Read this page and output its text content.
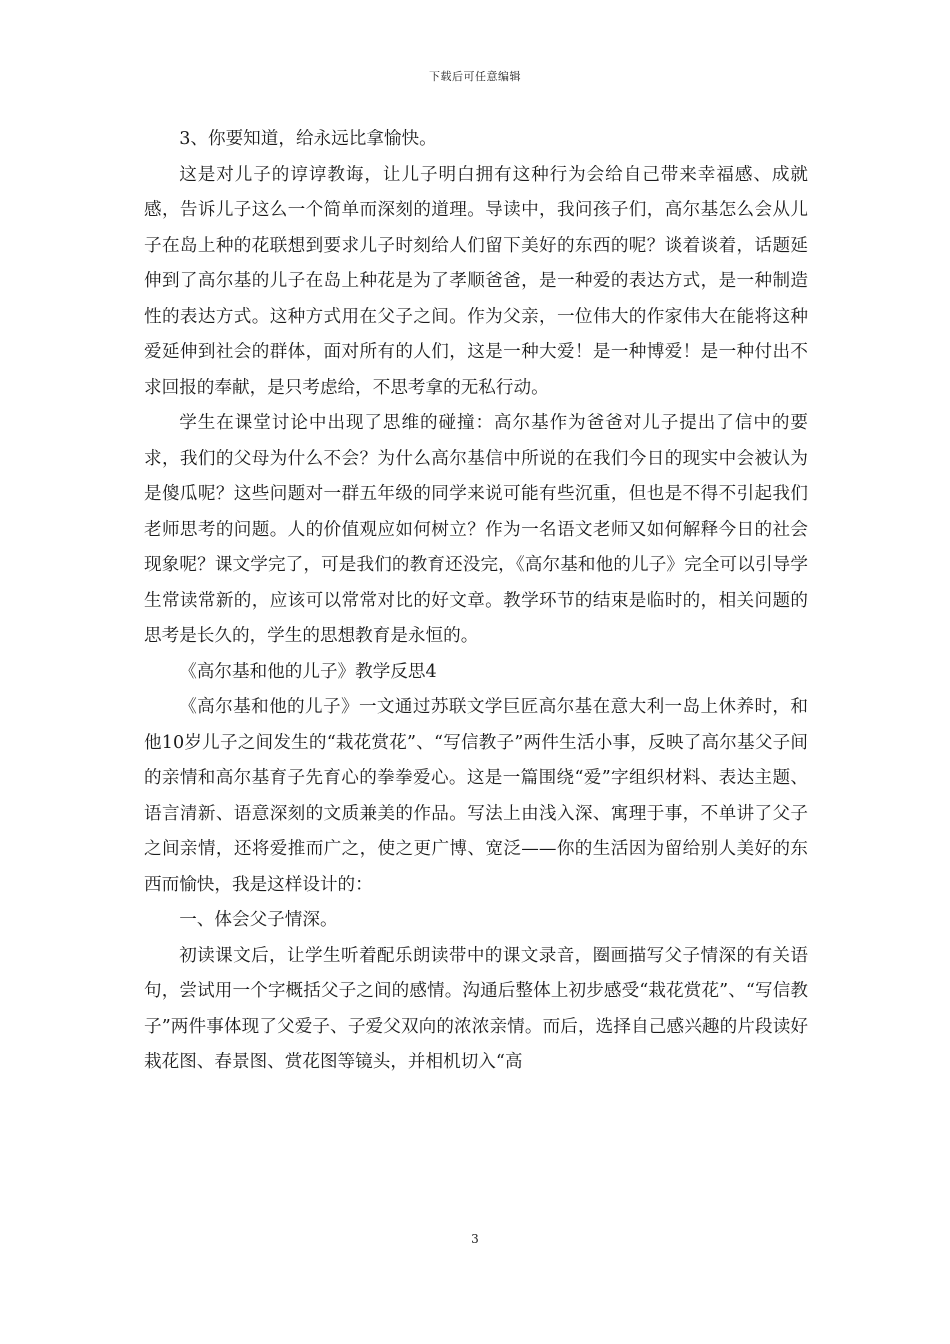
下载后可任意编辑

3、你要知道，给永远比拿愉快。

这是对儿子的谆谆教诲，让儿子明白拥有这种行为会给自己带来幸福感、成就感，告诉儿子这么一个简单而深刻的道理。导读中，我问孩子们，高尔基怎么会从儿子在岛上种的花联想到要求儿子时刻给人们留下美好的东西的呢？谈着谈着，话题延伸到了高尔基的儿子在岛上种花是为了孝顺爸爸，是一种爱的表达方式，是一种制造性的表达方式。这种方式用在父子之间。作为父亲，一位伟大的作家伟大在能将这种爱延伸到社会的群体，面对所有的人们，这是一种大爱！是一种博爱！是一种付出不求回报的奉献，是只考虑给，不思考拿的无私行动。

学生在课堂讨论中出现了思维的碰撞：高尔基作为爸爸对儿子提出了信中的要求，我们的父母为什么不会？为什么高尔基信中所说的在我们今日的现实中会被认为是傻瓜呢？这些问题对一群五年级的同学来说可能有些沉重，但也是不得不引起我们老师思考的问题。人的价值观应如何树立？作为一名语文老师又如何解释今日的社会现象呢？课文学完了，可是我们的教育还没完，《高尔基和他的儿子》完全可以引导学生常读常新的，应该可以常常对比的好文章。教学环节的结束是临时的，相关问题的思考是长久的，学生的思想教育是永恒的。

《高尔基和他的儿子》教学反思4

《高尔基和他的儿子》一文通过苏联文学巨匠高尔基在意大利一岛上休养时，和他10岁儿子之间发生的“栽花赏花”、“写信教子”两件生活小事，反映了高尔基父子间的亲情和高尔基育子先育心的拳拳爱心。这是一篇围绕“爱”字组织材料、表达主题、语言清新、语意深刻的文质兼美的作品。写法上由浅入深、寓理于事，不单讲了父子之间亲情，还将爱推而广之，使之更广博、宽泛——你的生活因为留给别人美好的东西而愉快，我是这样设计的：

一、体会父子情深。

初读课文后，让学生听着配乐朗读带中的课文录音，圈画描写父子情深的有关语句，尝试用一个字概括父子之间的感情。沟通后整体上初步感受“栽花赏花”、“写信教子”两件事体现了父爱子、子爱父双向的浓浓亲情。而后，选择自己感兴趣的片段读好栽花图、春景图、赏花图等镜头，并相机切入“高

3
